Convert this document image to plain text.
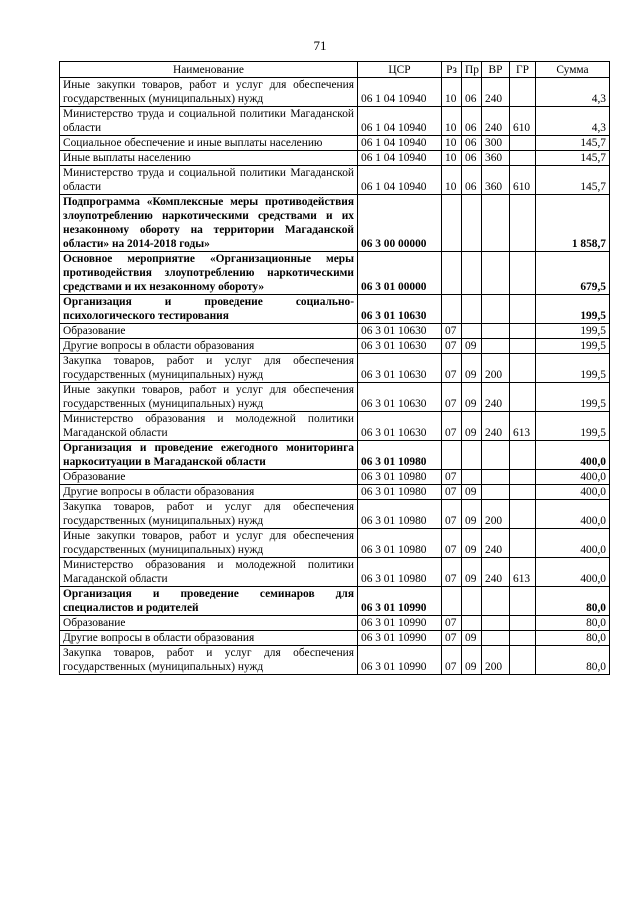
71
Наименование	ЦСР	Рз	Пр	ВР	ГР	Сумма
Иные закупки товаров, работ и услуг для обеспечения государственных (муниципальных) нужд	06 1 04 10940	10	06	240		4,3
Министерство труда и социальной политики Магаданской области	06 1 04 10940	10	06	240	610	4,3
Социальное обеспечение и иные выплаты населению	06 1 04 10940	10	06	300		145,7
Иные выплаты населению	06 1 04 10940	10	06	360		145,7
Министерство труда и социальной политики Магаданской области	06 1 04 10940	10	06	360	610	145,7
Подпрограмма «Комплексные меры противодействия злоупотреблению наркотическими средствами и их незаконному обороту на территории Магаданской области» на 2014-2018 годы»	06 3 00 00000					1 858,7
Основное мероприятие «Организационные меры противодействия злоупотреблению наркотическими средствами и их незаконному обороту»	06 3 01 00000					679,5
Организация и проведение социально-психологического тестирования	06 3 01 10630					199,5
Образование	06 3 01 10630	07				199,5
Другие вопросы в области образования	06 3 01 10630	07	09			199,5
Закупка товаров, работ и услуг для обеспечения государственных (муниципальных) нужд	06 3 01 10630	07	09	200		199,5
Иные закупки товаров, работ и услуг для обеспечения государственных (муниципальных) нужд	06 3 01 10630	07	09	240		199,5
Министерство образования и молодежной политики Магаданской области	06 3 01 10630	07	09	240	613	199,5
Организация и проведение ежегодного мониторинга наркоситуации в Магаданской области	06 3 01 10980					400,0
Образование	06 3 01 10980	07				400,0
Другие вопросы в области образования	06 3 01 10980	07	09			400,0
Закупка товаров, работ и услуг для обеспечения государственных (муниципальных) нужд	06 3 01 10980	07	09	200		400,0
Иные закупки товаров, работ и услуг для обеспечения государственных (муниципальных) нужд	06 3 01 10980	07	09	240		400,0
Министерство образования и молодежной политики Магаданской области	06 3 01 10980	07	09	240	613	400,0
Организация и проведение семинаров для специалистов и родителей	06 3 01 10990					80,0
Образование	06 3 01 10990	07				80,0
Другие вопросы в области образования	06 3 01 10990	07	09			80,0
Закупка товаров, работ и услуг для обеспечения государственных (муниципальных) нужд	06 3 01 10990	07	09	200		80,0
